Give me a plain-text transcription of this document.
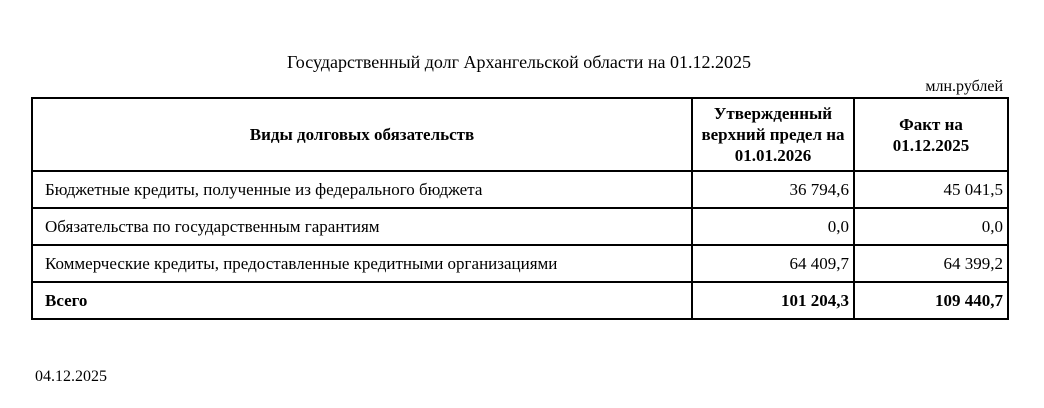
Государственный долг Архангельской области на 01.12.2025
млн.рублей
Виды долговых обязательств	Утвержденный верхний предел на 01.01.2026	Факт на 01.12.2025
Бюджетные кредиты, полученные из федерального бюджета	36 794,6	45 041,5
Обязательства по государственным гарантиям	0,0	0,0
Коммерческие кредиты, предоставленные кредитными организациями	64 409,7	64 399,2
Всего	101 204,3	109 440,7
04.12.2025
